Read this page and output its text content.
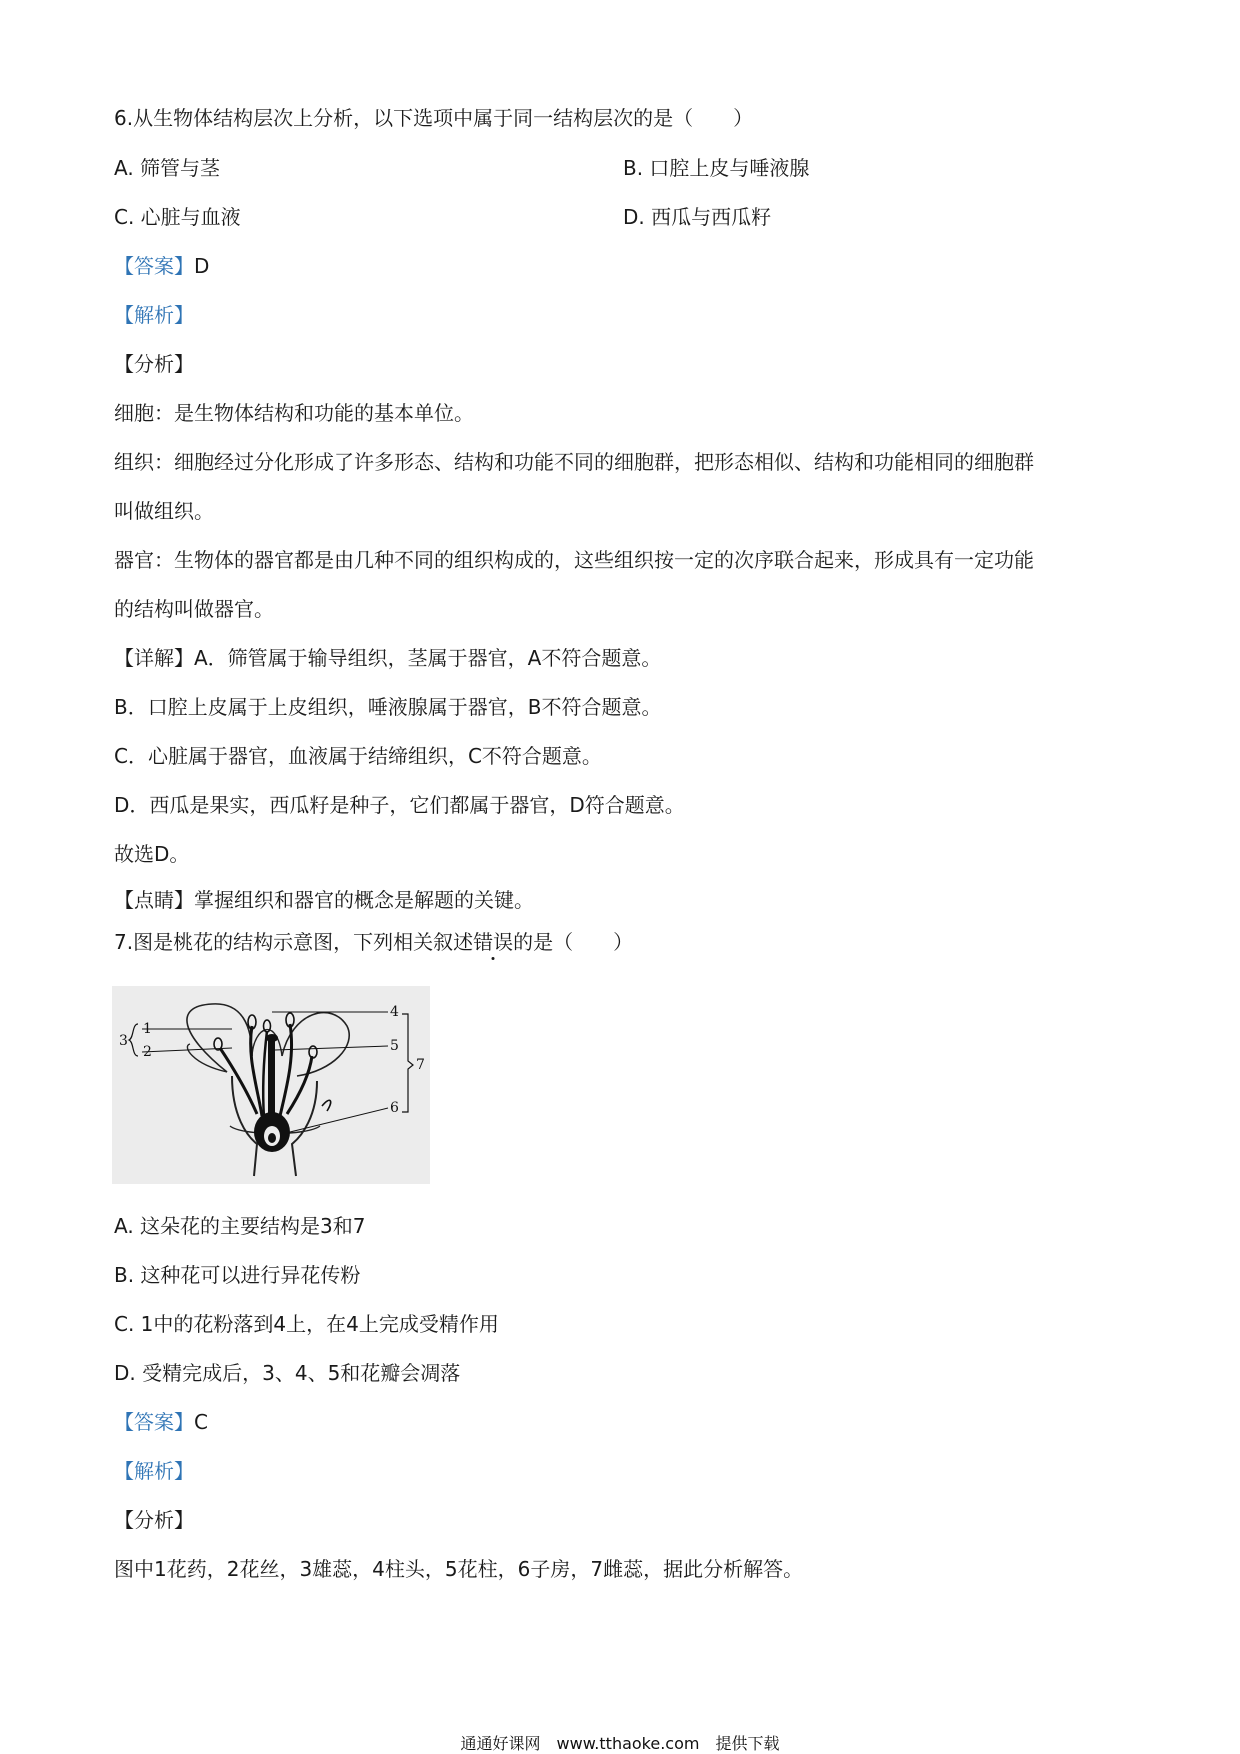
6.从生物体结构层次上分析，以下选项中属于同一结构层次的是（　　）
A. 筛管与茎	B. 口腔上皮与唾液腺
C. 心脏与血液	D. 西瓜与西瓜籽
【答案】D
【解析】
【分析】
细胞：是生物体结构和功能的基本单位。
组织：细胞经过分化形成了许多形态、结构和功能不同的细胞群，把形态相似、结构和功能相同的细胞群
叫做组织。
器官：生物体的器官都是由几种不同的组织构成的，这些组织按一定的次序联合起来，形成具有一定功能
的结构叫做器官。
【详解】A．筛管属于输导组织，茎属于器官，A不符合题意。
B．口腔上皮属于上皮组织，唾液腺属于器官，B不符合题意。
C．心脏属于器官，血液属于结缔组织，C不符合题意。
D．西瓜是果实，西瓜籽是种子，它们都属于器官，D符合题意。
故选D。
【点睛】掌握组织和器官的概念是解题的关键。
7.图是桃花的结构示意图，下列相关叙述错误的是（　　）
1
2
3
4
5
6
7
A. 这朵花的主要结构是3和7
B. 这种花可以进行异花传粉
C. 1中的花粉落到4上，在4上完成受精作用
D. 受精完成后，3、4、5和花瓣会凋落
【答案】C
【解析】
【分析】
图中1花药，2花丝，3雄蕊，4柱头，5花柱，6子房，7雌蕊，据此分析解答。
通通好课网　www.tthaoke.com　提供下载
